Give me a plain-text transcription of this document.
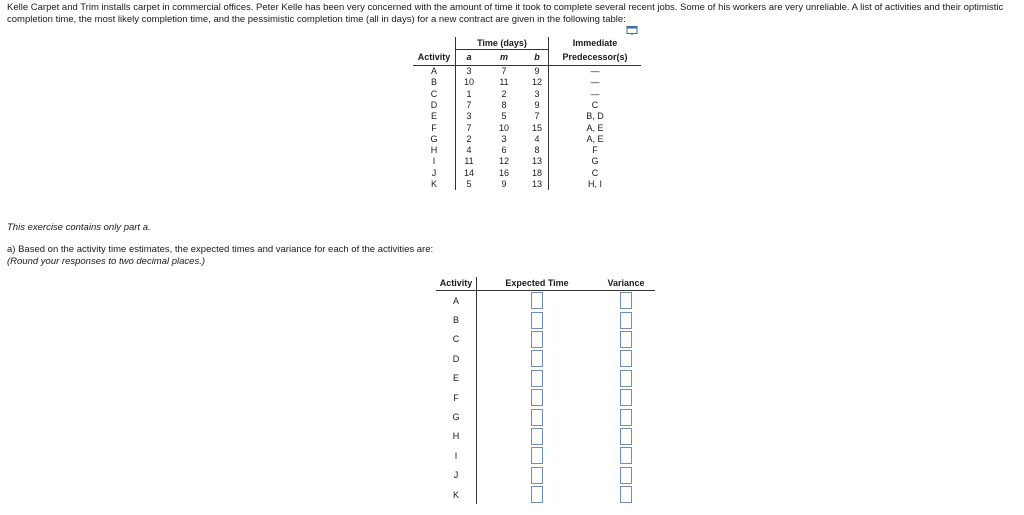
Kelle Carpet and Trim installs carpet in commercial offices. Peter Kelle has been very concerned with the amount of time it took to complete several recent jobs. Some of his workers are very unreliable. A list of activities and their optimistic
completion time, the most likely completion time, and the pessimistic completion time (all in days) for a new contract are given in the following table:
	Time (days)			Immediate
Activity	a	m	b	Predecessor(s)
A	3	7	9	—
B	10	11	12	—
C	1	2	3	—
D	7	8	9	C
E	3	5	7	B, D
F	7	10	15	A, E
G	2	3	4	A, E
H	4	6	8	F
I	11	12	13	G
J	14	16	18	C
K	5	9	13	H, I
This exercise contains only part a.
a) Based on the activity time estimates, the expected times and variance for each of the activities are:
(Round your responses to two decimal places.)
Activity	Expected Time	Variance
A		
B		
C		
D		
E		
F		
G		
H		
I		
J		
K		
